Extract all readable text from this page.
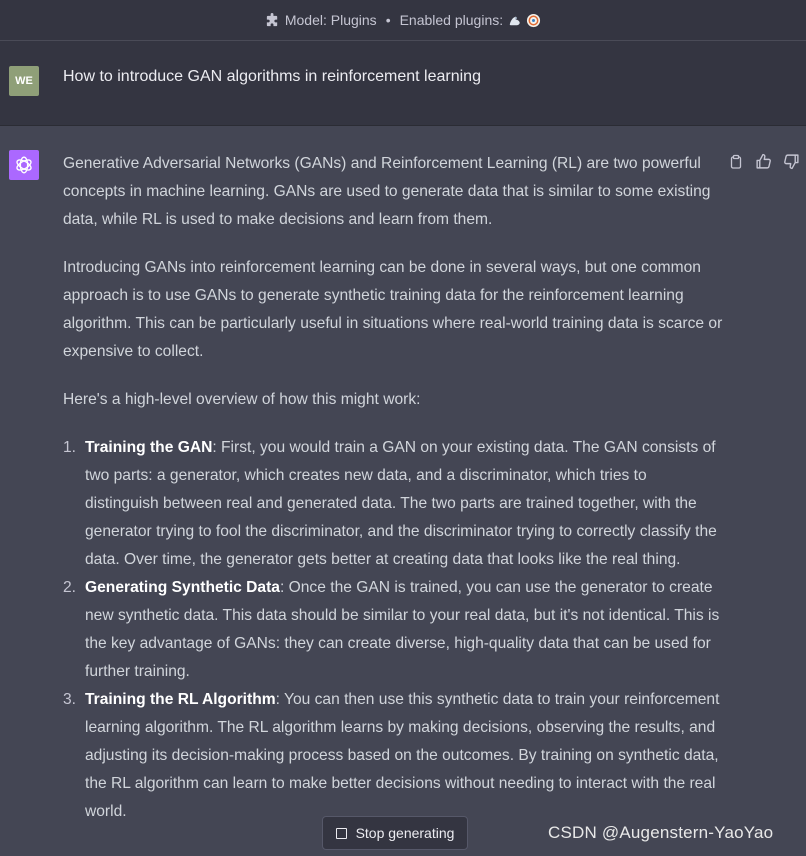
Model: Plugins • Enabled plugins:
WE	How to introduce GAN algorithms in reinforcement learning

Generative Adversarial Networks (GANs) and Reinforcement Learning (RL) are two powerful concepts in machine learning. GANs are used to generate data that is similar to some existing data, while RL is used to make decisions and learn from them.

Introducing GANs into reinforcement learning can be done in several ways, but one common approach is to use GANs to generate synthetic training data for the reinforcement learning algorithm. This can be particularly useful in situations where real-world training data is scarce or expensive to collect.

Here's a high-level overview of how this might work:

1. Training the GAN: First, you would train a GAN on your existing data. The GAN consists of two parts: a generator, which creates new data, and a discriminator, which tries to distinguish between real and generated data. The two parts are trained together, with the generator trying to fool the discriminator, and the discriminator trying to correctly classify the data. Over time, the generator gets better at creating data that looks like the real thing.
2. Generating Synthetic Data: Once the GAN is trained, you can use the generator to create new synthetic data. This data should be similar to your real data, but it's not identical. This is the key advantage of GANs: they can create diverse, high-quality data that can be used for further training.
3. Training the RL Algorithm: You can then use this synthetic data to train your reinforcement learning algorithm. The RL algorithm learns by making decisions, observing the results, and adjusting its decision-making process based on the outcomes. By training on synthetic data, the RL algorithm can learn to make better decisions without needing to interact with the real world.
Stop generating	CSDN @Augenstern-YaoYao
